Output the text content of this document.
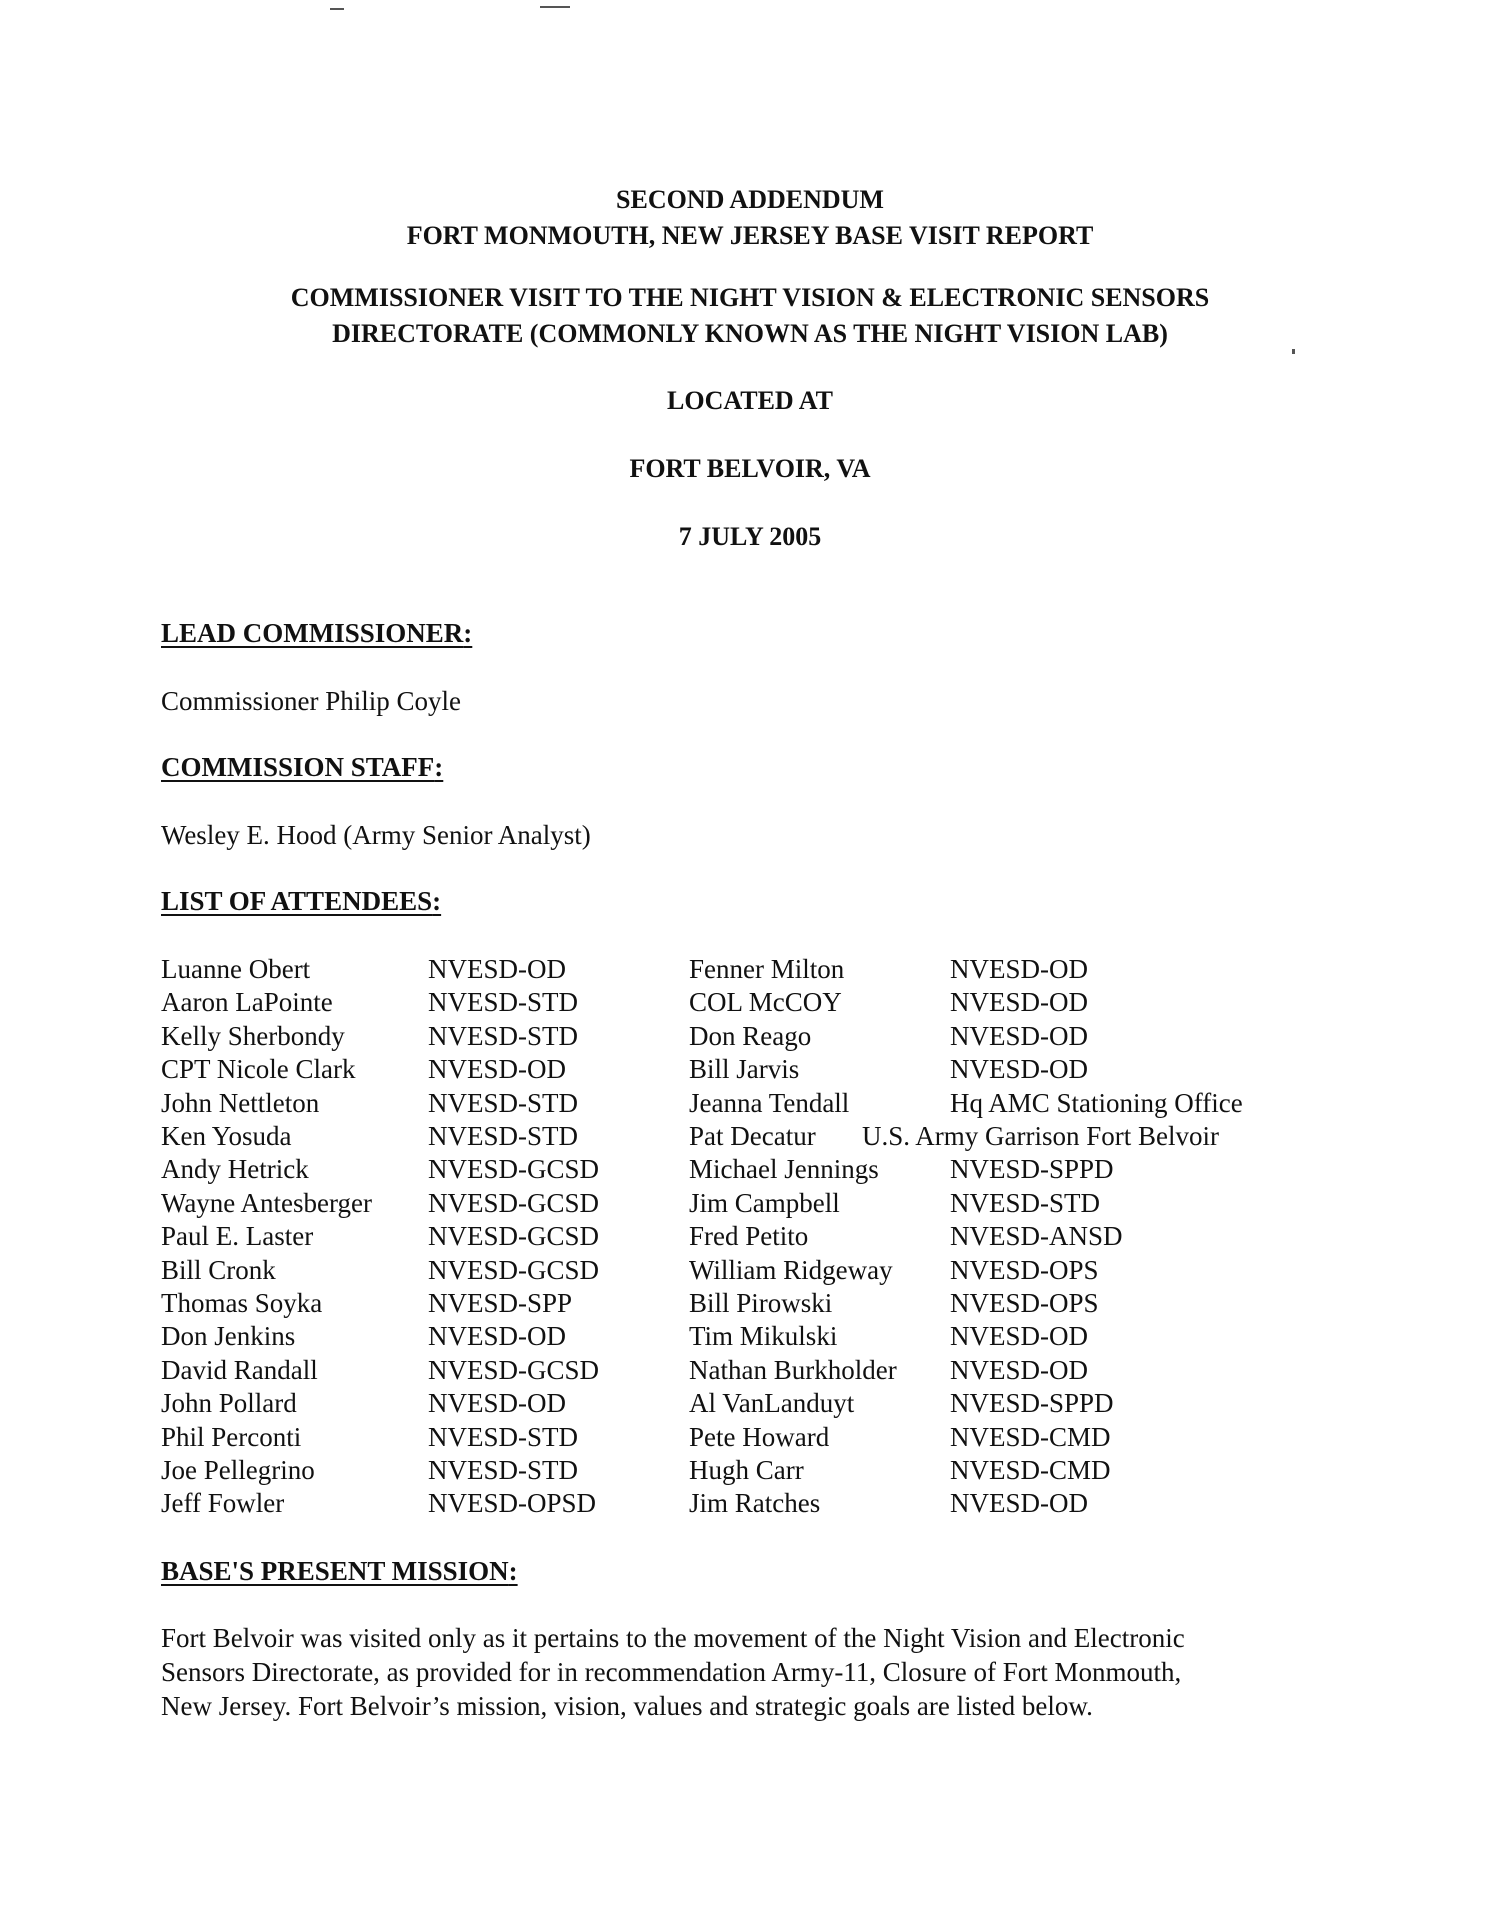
SECOND ADDENDUM
FORT MONMOUTH, NEW JERSEY BASE VISIT REPORT
COMMISSIONER VISIT TO THE NIGHT VISION & ELECTRONIC SENSORS
DIRECTORATE (COMMONLY KNOWN AS THE NIGHT VISION LAB)
LOCATED AT
FORT BELVOIR, VA
7 JULY 2005
LEAD COMMISSIONER:
Commissioner Philip Coyle
COMMISSION STAFF:
Wesley E. Hood (Army Senior Analyst)
LIST OF ATTENDEES:
Luanne Obert	NVESD-OD	Fenner Milton	NVESD-OD
Aaron LaPointe	NVESD-STD	COL McCOY	NVESD-OD
Kelly Sherbondy	NVESD-STD	Don Reago	NVESD-OD
CPT Nicole Clark	NVESD-OD	Bill Jarvis	NVESD-OD
John Nettleton	NVESD-STD	Jeanna Tendall	Hq AMC Stationing Office
Ken Yosuda	NVESD-STD	Pat Decatur U.S. Army Garrison Fort Belvoir
Andy Hetrick	NVESD-GCSD	Michael Jennings	NVESD-SPPD
Wayne Antesberger NVESD-GCSD	Jim Campbell	NVESD-STD
Paul E. Laster	NVESD-GCSD	Fred Petito	NVESD-ANSD
Bill Cronk	NVESD-GCSD	William Ridgeway NVESD-OPS
Thomas Soyka	NVESD-SPP	Bill Pirowski	NVESD-OPS
Don Jenkins	NVESD-OD	Tim Mikulski	NVESD-OD
David Randall	NVESD-GCSD	Nathan Burkholder NVESD-OD
John Pollard	NVESD-OD	Al VanLanduyt	NVESD-SPPD
Phil Perconti	NVESD-STD	Pete Howard	NVESD-CMD
Joe Pellegrino	NVESD-STD	Hugh Carr	NVESD-CMD
Jeff Fowler	NVESD-OPSD	Jim Ratches	NVESD-OD
BASE'S PRESENT MISSION:
Fort Belvoir was visited only as it pertains to the movement of the Night Vision and Electronic
Sensors Directorate, as provided for in recommendation Army-11, Closure of Fort Monmouth,
New Jersey. Fort Belvoir’s mission, vision, values and strategic goals are listed below.
